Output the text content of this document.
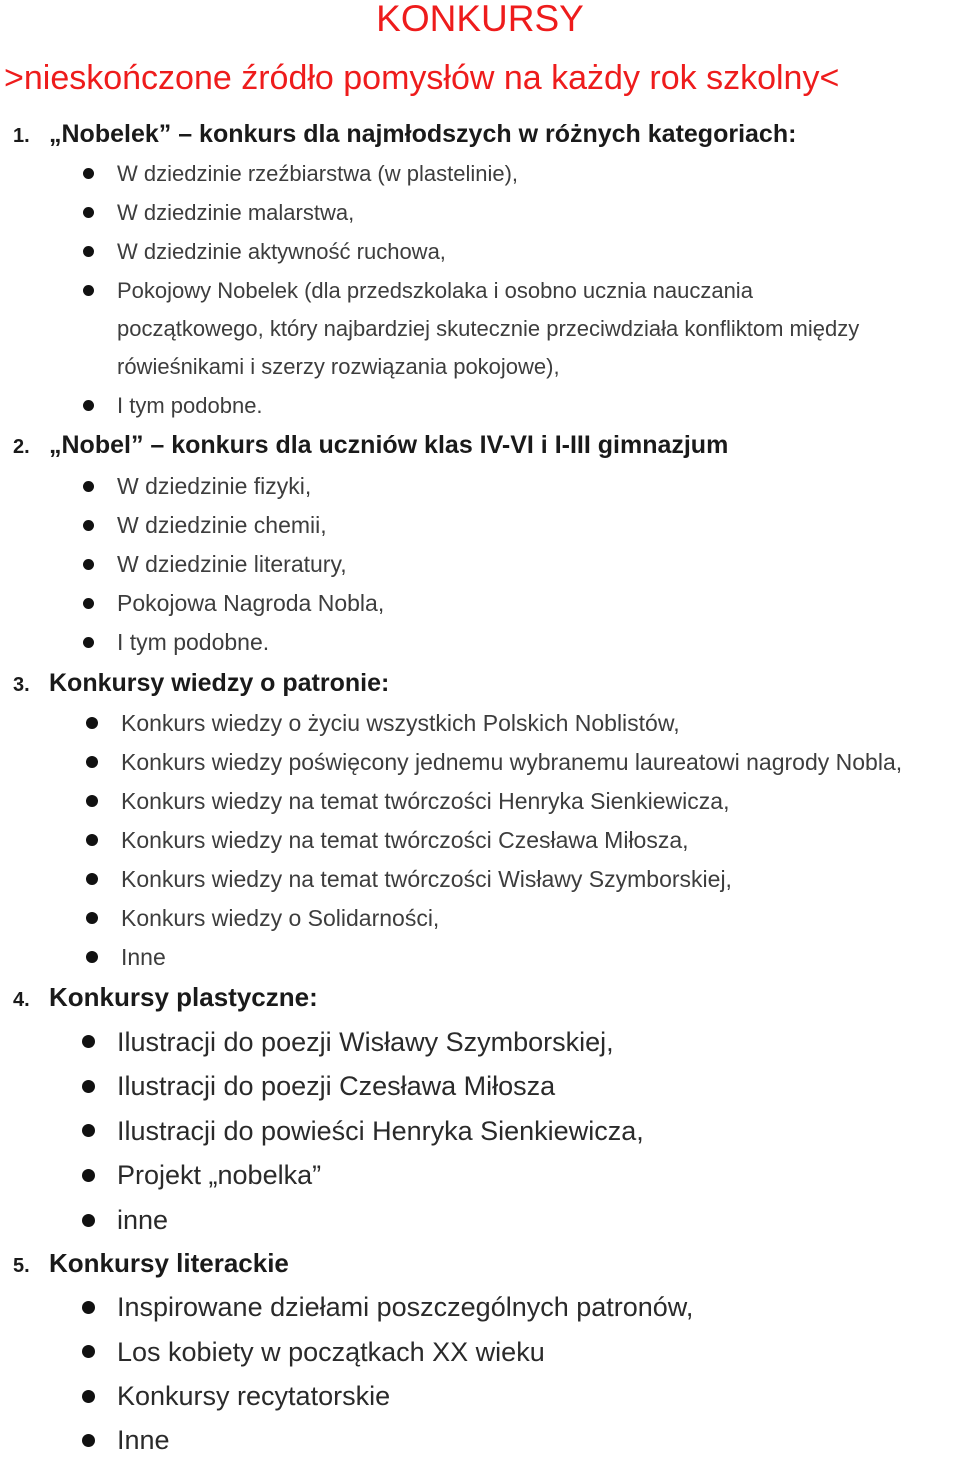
KONKURSY
>nieskończone źródło pomysłów na każdy rok szkolny<
1. „Nobelek” – konkurs dla najmłodszych w różnych kategoriach:
W dziedzinie rzeźbiarstwa (w plastelinie),
W dziedzinie malarstwa,
W dziedzinie aktywność ruchowa,
Pokojowy Nobelek (dla przedszkolaka i osobno ucznia nauczania
początkowego, który najbardziej skutecznie przeciwdziała konfliktom między
rówieśnikami i szerzy rozwiązania pokojowe),
I tym podobne.
2. „Nobel” – konkurs dla uczniów klas IV-VI i I-III gimnazjum
W dziedzinie fizyki,
W dziedzinie chemii,
W dziedzinie literatury,
Pokojowa Nagroda Nobla,
I tym podobne.
3. Konkursy wiedzy o patronie:
Konkurs wiedzy o życiu wszystkich Polskich Noblistów,
Konkurs wiedzy poświęcony jednemu wybranemu laureatowi nagrody Nobla,
Konkurs wiedzy na temat twórczości Henryka Sienkiewicza,
Konkurs wiedzy na temat twórczości Czesława Miłosza,
Konkurs wiedzy na temat twórczości Wisławy Szymborskiej,
Konkurs wiedzy o Solidarności,
Inne
4. Konkursy plastyczne:
Ilustracji do poezji Wisławy Szymborskiej,
Ilustracji do poezji Czesława Miłosza
Ilustracji do powieści Henryka Sienkiewicza,
Projekt „nobelka”
inne
5. Konkursy literackie
Inspirowane dziełami poszczególnych patronów,
Los kobiety w początkach XX wieku
Konkursy recytatorskie
Inne
